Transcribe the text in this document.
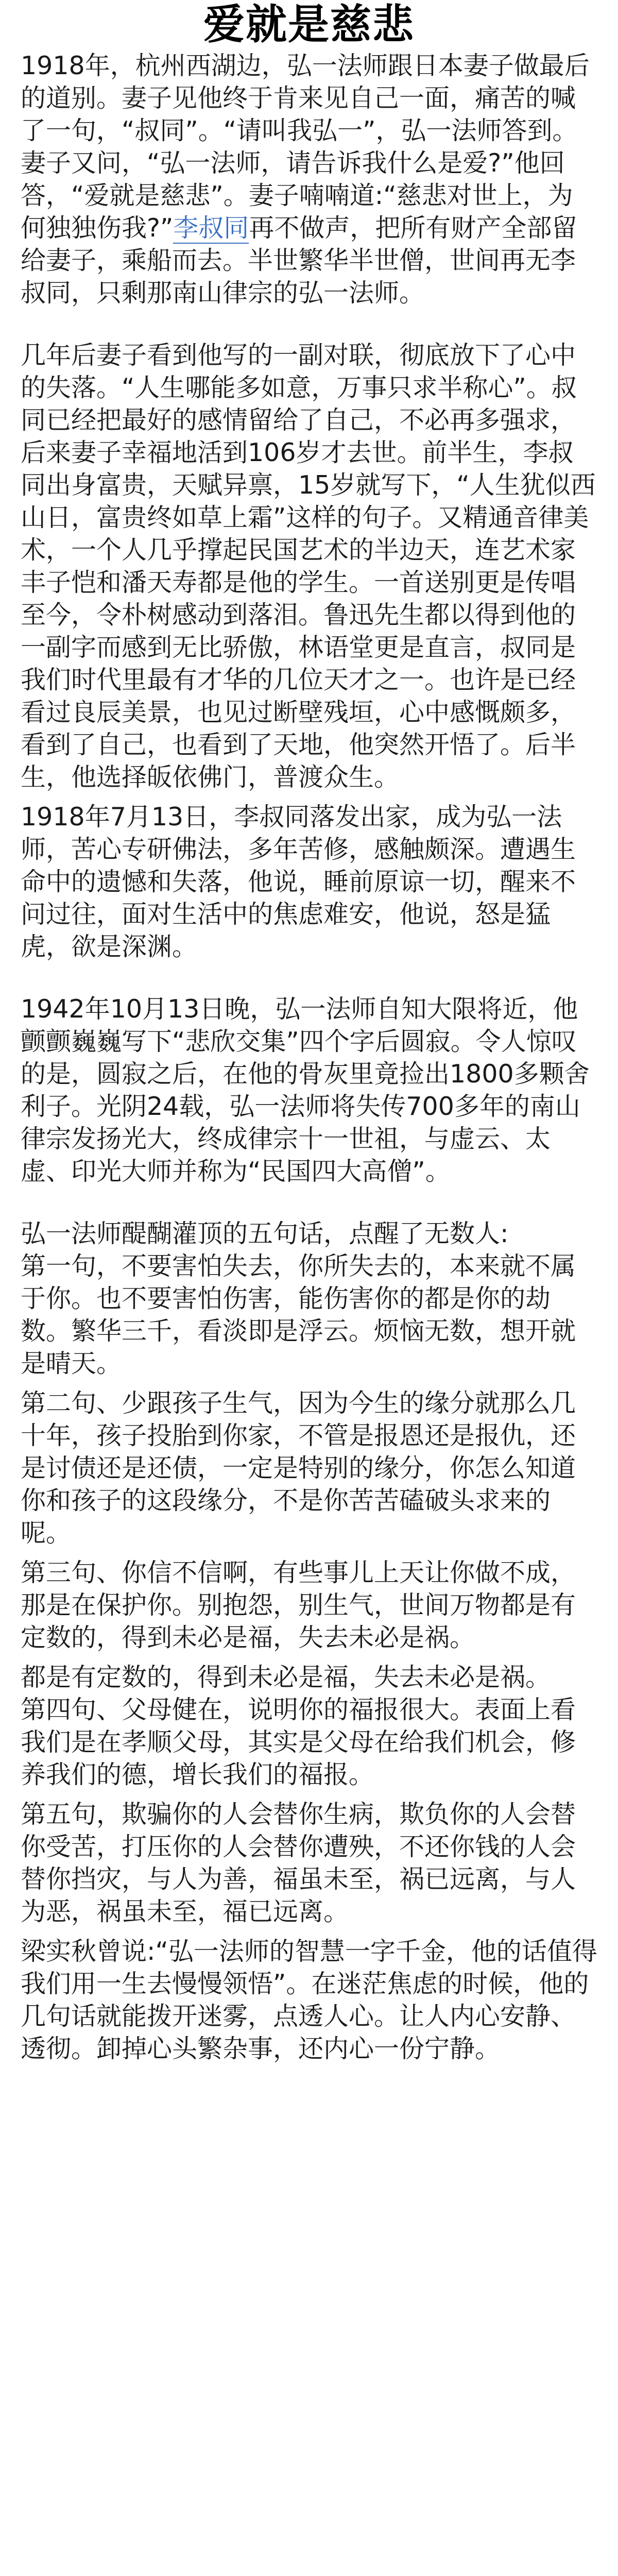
爱就是慈悲

1918年，杭州西湖边，弘一法师跟日本妻子做最后的道别。妻子见他终于肯来见自己一面，痛苦的喊了一句，“叔同”。“请叫我弘一”，弘一法师答到。妻子又问，“弘一法师，请告诉我什么是爱?”他回答，“爱就是慈悲”。妻子喃喃道:“慈悲对世上，为何独独伤我?”李叔同再不做声，把所有财产全部留给妻子，乘船而去。半世繁华半世僧，世间再无李叔同，只剩那南山律宗的弘一法师。

几年后妻子看到他写的一副对联，彻底放下了心中的失落。“人生哪能多如意，万事只求半称心”。叔同已经把最好的感情留给了自己，不必再多强求，后来妻子幸福地活到106岁才去世。前半生，李叔同出身富贵，天赋异禀，15岁就写下，“人生犹似西山日，富贵终如草上霜”这样的句子。又精通音律美术，一个人几乎撑起民国艺术的半边天，连艺术家丰子恺和潘天寿都是他的学生。一首送别更是传唱至今，令朴树感动到落泪。鲁迅先生都以得到他的一副字而感到无比骄傲，林语堂更是直言，叔同是我们时代里最有才华的几位天才之一。也许是已经看过良辰美景，也见过断壁残垣，心中感慨颇多，看到了自己，也看到了天地，他突然开悟了。后半生，他选择皈依佛门，普渡众生。

1918年7月13日，李叔同落发出家，成为弘一法师，苦心专研佛法，多年苦修，感触颇深。遭遇生命中的遗憾和失落，他说，睡前原谅一切，醒来不问过往，面对生活中的焦虑难安，他说，怒是猛虎，欲是深渊。

1942年10月13日晚，弘一法师自知大限将近，他颤颤巍巍写下“悲欣交集”四个字后圆寂。令人惊叹的是，圆寂之后，在他的骨灰里竟捡出1800多颗舍利子。光阴24载，弘一法师将失传700多年的南山律宗发扬光大，终成律宗十一世祖，与虚云、太虚、印光大师并称为“民国四大高僧”。

弘一法师醍醐灌顶的五句话，点醒了无数人:

第一句，不要害怕失去，你所失去的，本来就不属于你。也不要害怕伤害，能伤害你的都是你的劫数。繁华三千，看淡即是浮云。烦恼无数，想开就是晴天。

第二句、少跟孩子生气，因为今生的缘分就那么几十年，孩子投胎到你家，不管是报恩还是报仇，还是讨债还是还债，一定是特别的缘分，你怎么知道你和孩子的这段缘分，不是你苦苦磕破头求来的呢。

第三句、你信不信啊，有些事儿上天让你做不成，那是在保护你。别抱怨，别生气，世间万物都是有定数的，得到未必是福，失去未必是祸。

都是有定数的，得到未必是福，失去未必是祸。

第四句、父母健在，说明你的福报很大。表面上看我们是在孝顺父母，其实是父母在给我们机会，修养我们的德，增长我们的福报。

第五句，欺骗你的人会替你生病，欺负你的人会替你受苦，打压你的人会替你遭殃，不还你钱的人会替你挡灾，与人为善，福虽未至，祸已远离，与人为恶，祸虽未至，福已远离。

梁实秋曾说:“弘一法师的智慧一字千金，他的话值得我们用一生去慢慢领悟”。在迷茫焦虑的时候，他的几句话就能拨开迷雾，点透人心。让人内心安静、透彻。卸掉心头繁杂事，还内心一份宁静。
